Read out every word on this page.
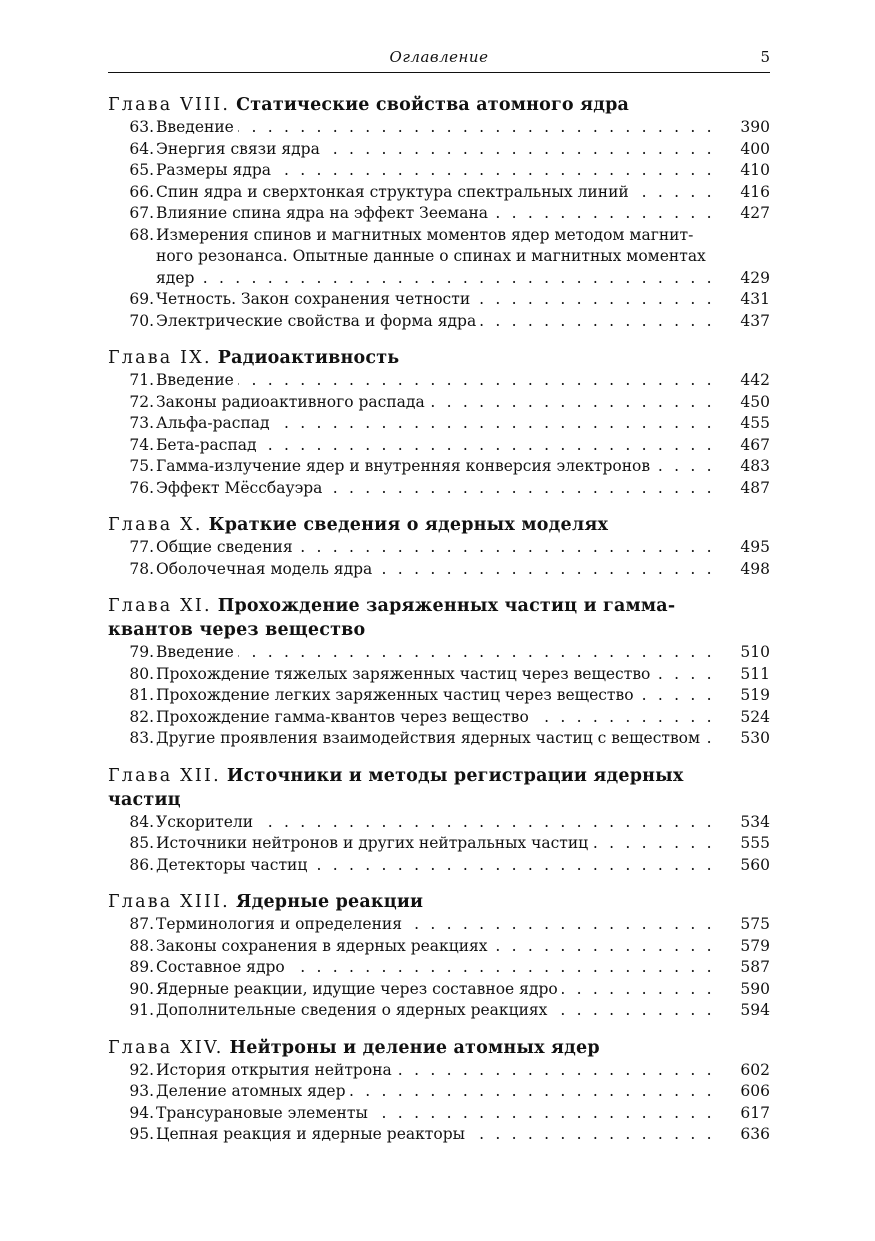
Оглавление	5
Глава VIII. Статические свойства атомного ядра
63. Введение . . .	390
64. Энергия связи ядра . . .	400
65. Размеры ядра . . .	410
66. Спин ядра и сверхтонкая структура спектральных линий . . .	416
67. Влияние спина ядра на эффект Зеемана . . .	427
68. Измерения спинов и магнитных моментов ядер методом магнит-
ного резонанса. Опытные данные о спинах и магнитных моментах
ядер . . .	429
69. Четность. Закон сохранения четности . . .	431
70. Электрические свойства и форма ядра . . .	437
Глава IX. Радиоактивность
71. Введение . . .	442
72. Законы радиоактивного распада . . .	450
73. Альфа-распад . . .	455
74. Бета-распад . . .	467
75. Гамма-излучение ядер и внутренняя конверсия электронов . . .	483
76. Эффект Мёссбауэра . . .	487
Глава X. Краткие сведения о ядерных моделях
77. Общие сведения . . .	495
78. Оболочечная модель ядра . . .	498
Глава XI. Прохождение заряженных частиц и гамма-квантов через вещество
79. Введение . . .	510
80. Прохождение тяжелых заряженных частиц через вещество . . .	511
81. Прохождение легких заряженных частиц через вещество . . .	519
82. Прохождение гамма-квантов через вещество . . .	524
83. Другие проявления взаимодействия ядерных частиц с веществом . . .	530
Глава XII. Источники и методы регистрации ядерных частиц
84. Ускорители . . .	534
85. Источники нейтронов и других нейтральных частиц . . .	555
86. Детекторы частиц . . .	560
Глава XIII. Ядерные реакции
87. Терминология и определения . . .	575
88. Законы сохранения в ядерных реакциях . . .	579
89. Составное ядро . . .	587
90. Ядерные реакции, идущие через составное ядро . . .	590
91. Дополнительные сведения о ядерных реакциях . . .	594
Глава XIV. Нейтроны и деление атомных ядер
92. История открытия нейтрона . . .	602
93. Деление атомных ядер . . .	606
94. Трансурановые элементы . . .	617
95. Цепная реакция и ядерные реакторы . . .	636
